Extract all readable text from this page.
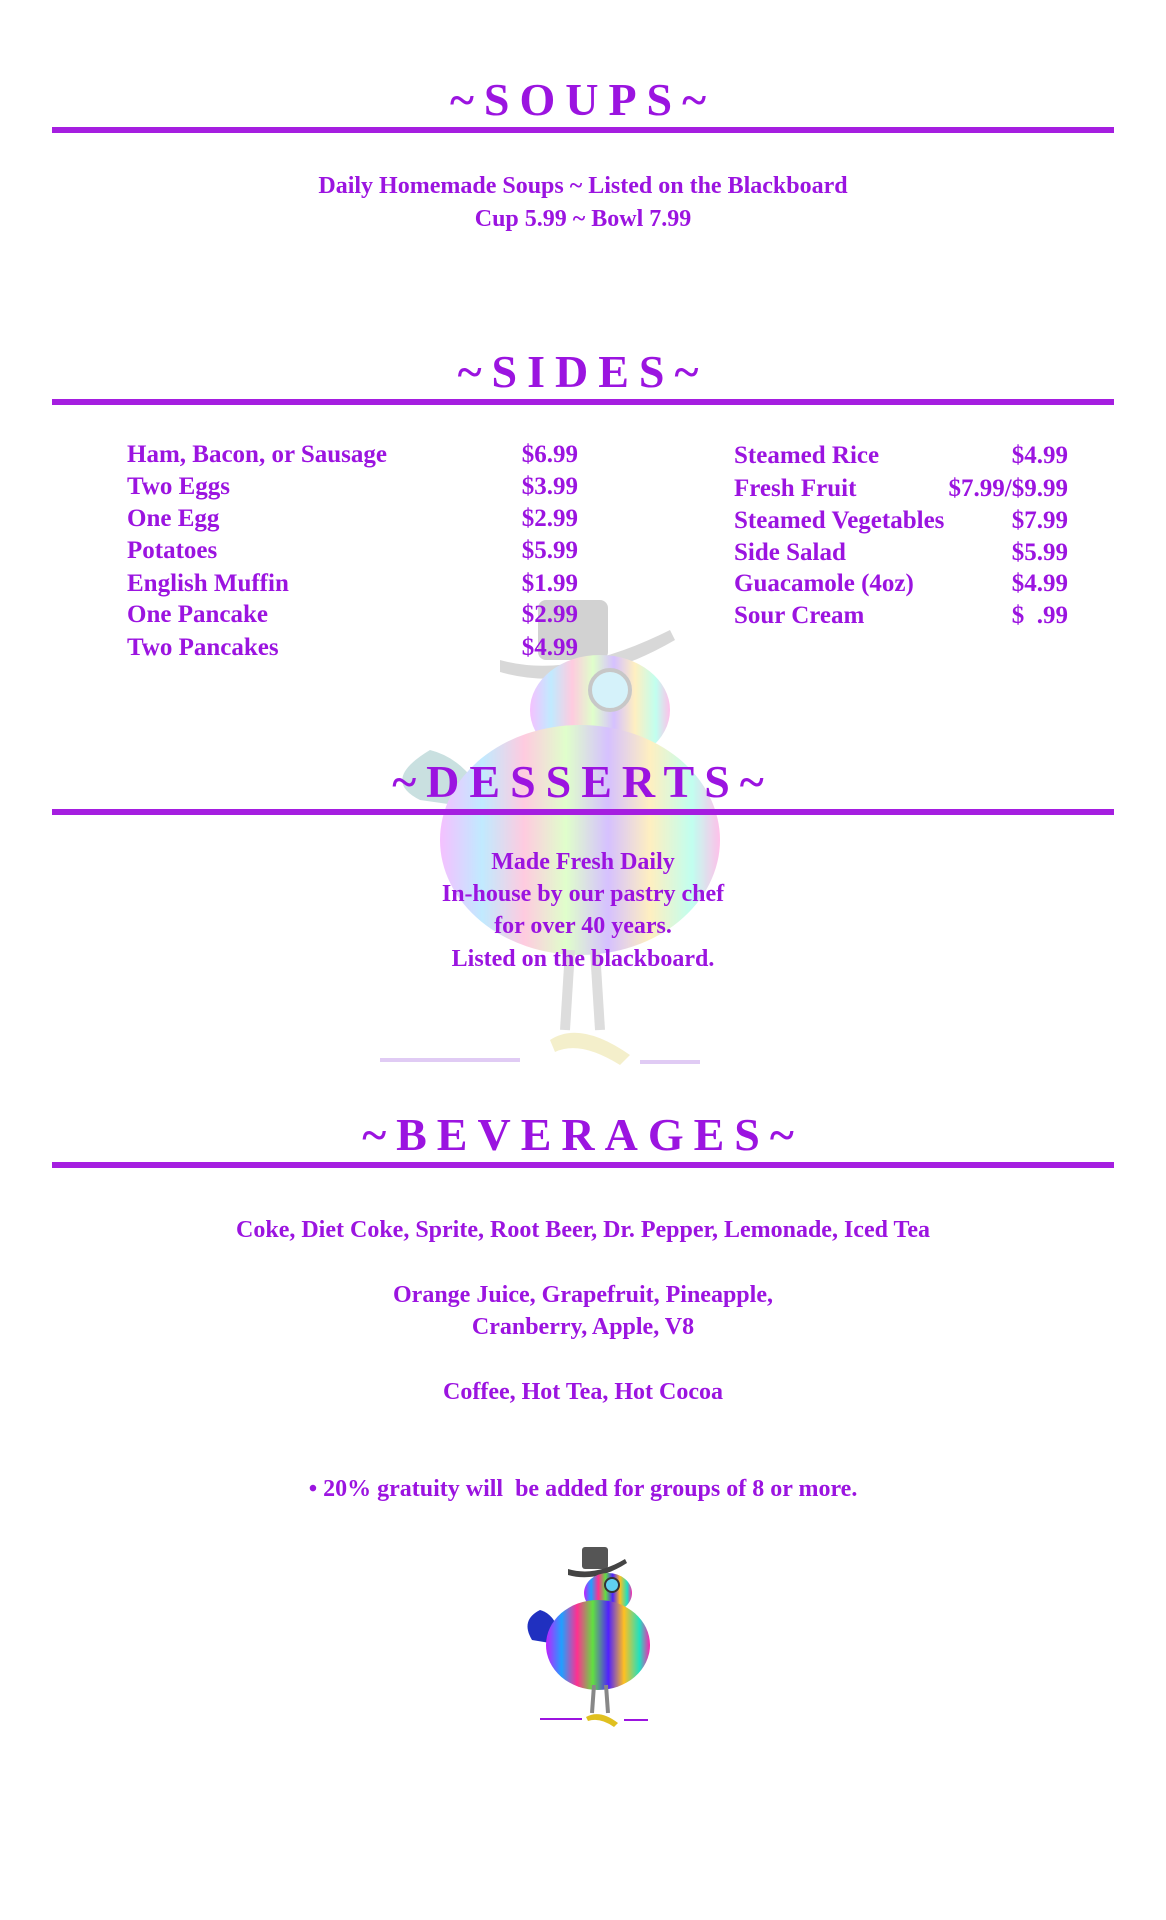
~SOUPS~
Daily Homemade Soups ~ Listed on the Blackboard
Cup 5.99 ~ Bowl 7.99
~SIDES~
Ham, Bacon, or Sausage	$6.99
Two Eggs	$3.99
One Egg	$2.99
Potatoes	$5.99
English Muffin	$1.99
One Pancake	$2.99
Two Pancakes	$4.99
Steamed Rice	$4.99
Fresh Fruit	$7.99/$9.99
Steamed Vegetables	$7.99
Side Salad	$5.99
Guacamole (4oz)	$4.99
Sour Cream	$  .99
~DESSERTS~
Made Fresh Daily
In-house by our pastry chef
for over 40 years.
Listed on the blackboard.
~BEVERAGES~
Coke, Diet Coke, Sprite, Root Beer, Dr. Pepper, Lemonade, Iced Tea
Orange Juice, Grapefruit, Pineapple,
Cranberry, Apple, V8
Coffee, Hot Tea, Hot Cocoa
• 20% gratuity will  be added for groups of 8 or more.
